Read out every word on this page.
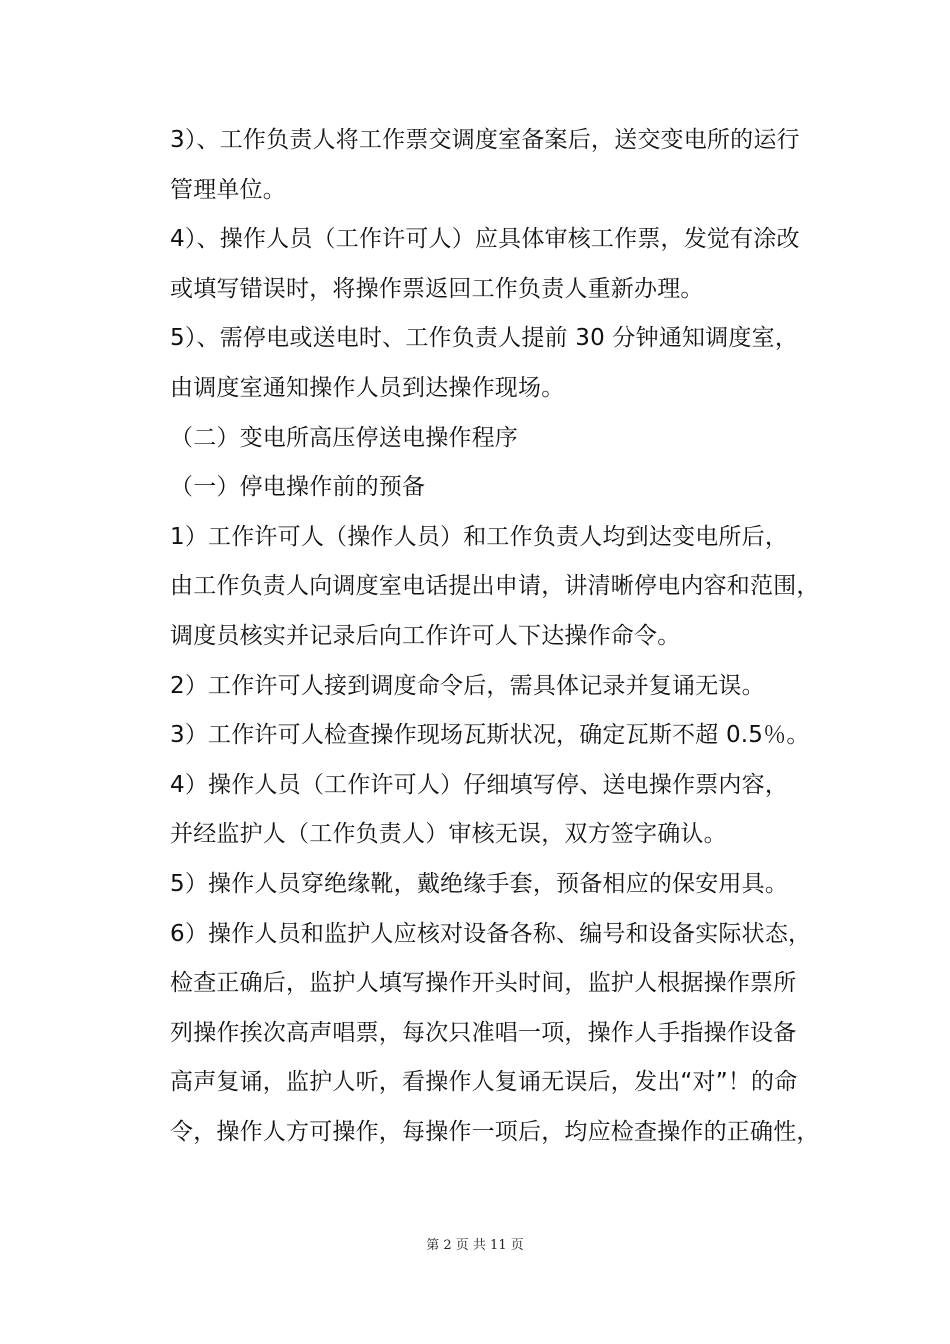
3）、工作负责人将工作票交调度室备案后，送交变电所的运行
管理单位。
4）、操作人员（工作许可人）应具体审核工作票，发觉有涂改
或填写错误时，将操作票返回工作负责人重新办理。
5）、需停电或送电时、工作负责人提前 30 分钟通知调度室，
由调度室通知操作人员到达操作现场。
（二）变电所高压停送电操作程序
（一）停电操作前的预备
1）工作许可人（操作人员）和工作负责人均到达变电所后，
由工作负责人向调度室电话提出申请，讲清晰停电内容和范围，
调度员核实并记录后向工作许可人下达操作命令。
2）工作许可人接到调度命令后，需具体记录并复诵无误。
3）工作许可人检查操作现场瓦斯状况，确定瓦斯不超 0.5％。
4）操作人员（工作许可人）仔细填写停、送电操作票内容，
并经监护人（工作负责人）审核无误，双方签字确认。
5）操作人员穿绝缘靴，戴绝缘手套，预备相应的保安用具。
6）操作人员和监护人应核对设备各称、编号和设备实际状态，
检查正确后，监护人填写操作开头时间，监护人根据操作票所
列操作挨次高声唱票，每次只准唱一项，操作人手指操作设备
高声复诵，监护人听，看操作人复诵无误后，发出“对”！的命
令，操作人方可操作，每操作一项后，均应检查操作的正确性，
第 2 页 共 11 页
